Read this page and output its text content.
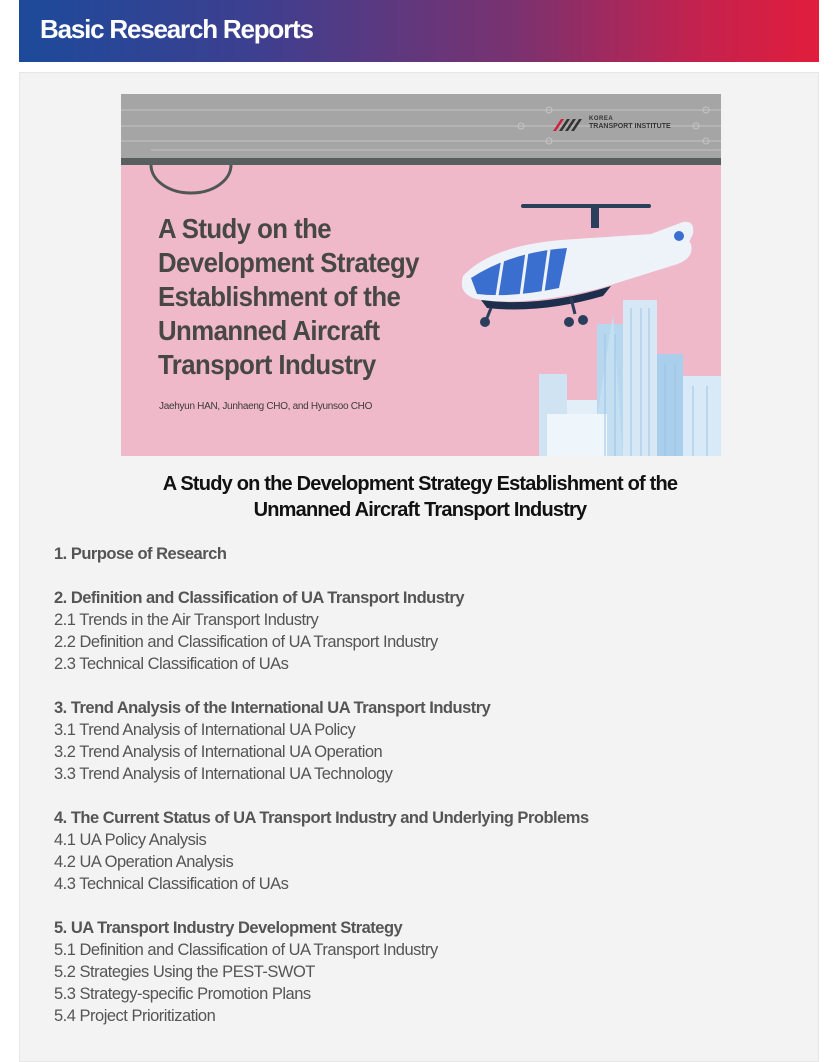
Basic Research Reports
KOREA
TRANSPORT INSTITUTE
A Study on the
Development Strategy
Establishment of the
Unmanned Aircraft
Transport Industry
Jaehyun HAN, Junhaeng CHO, and Hyunsoo CHO
A Study on the Development Strategy Establishment of the
Unmanned Aircraft Transport Industry
1. Purpose of Research
2. Definition and Classification of UA Transport Industry
2.1 Trends in the Air Transport Industry
2.2 Definition and Classification of UA Transport Industry
2.3 Technical Classification of UAs
3. Trend Analysis of the International UA Transport Industry
3.1 Trend Analysis of International UA Policy
3.2 Trend Analysis of International UA Operation
3.3 Trend Analysis of International UA Technology
4. The Current Status of UA Transport Industry and Underlying Problems
4.1 UA Policy Analysis
4.2 UA Operation Analysis
4.3 Technical Classification of UAs
5. UA Transport Industry Development Strategy
5.1 Definition and Classification of UA Transport Industry
5.2 Strategies Using the PEST-SWOT
5.3 Strategy-specific Promotion Plans
5.4 Project Prioritization
